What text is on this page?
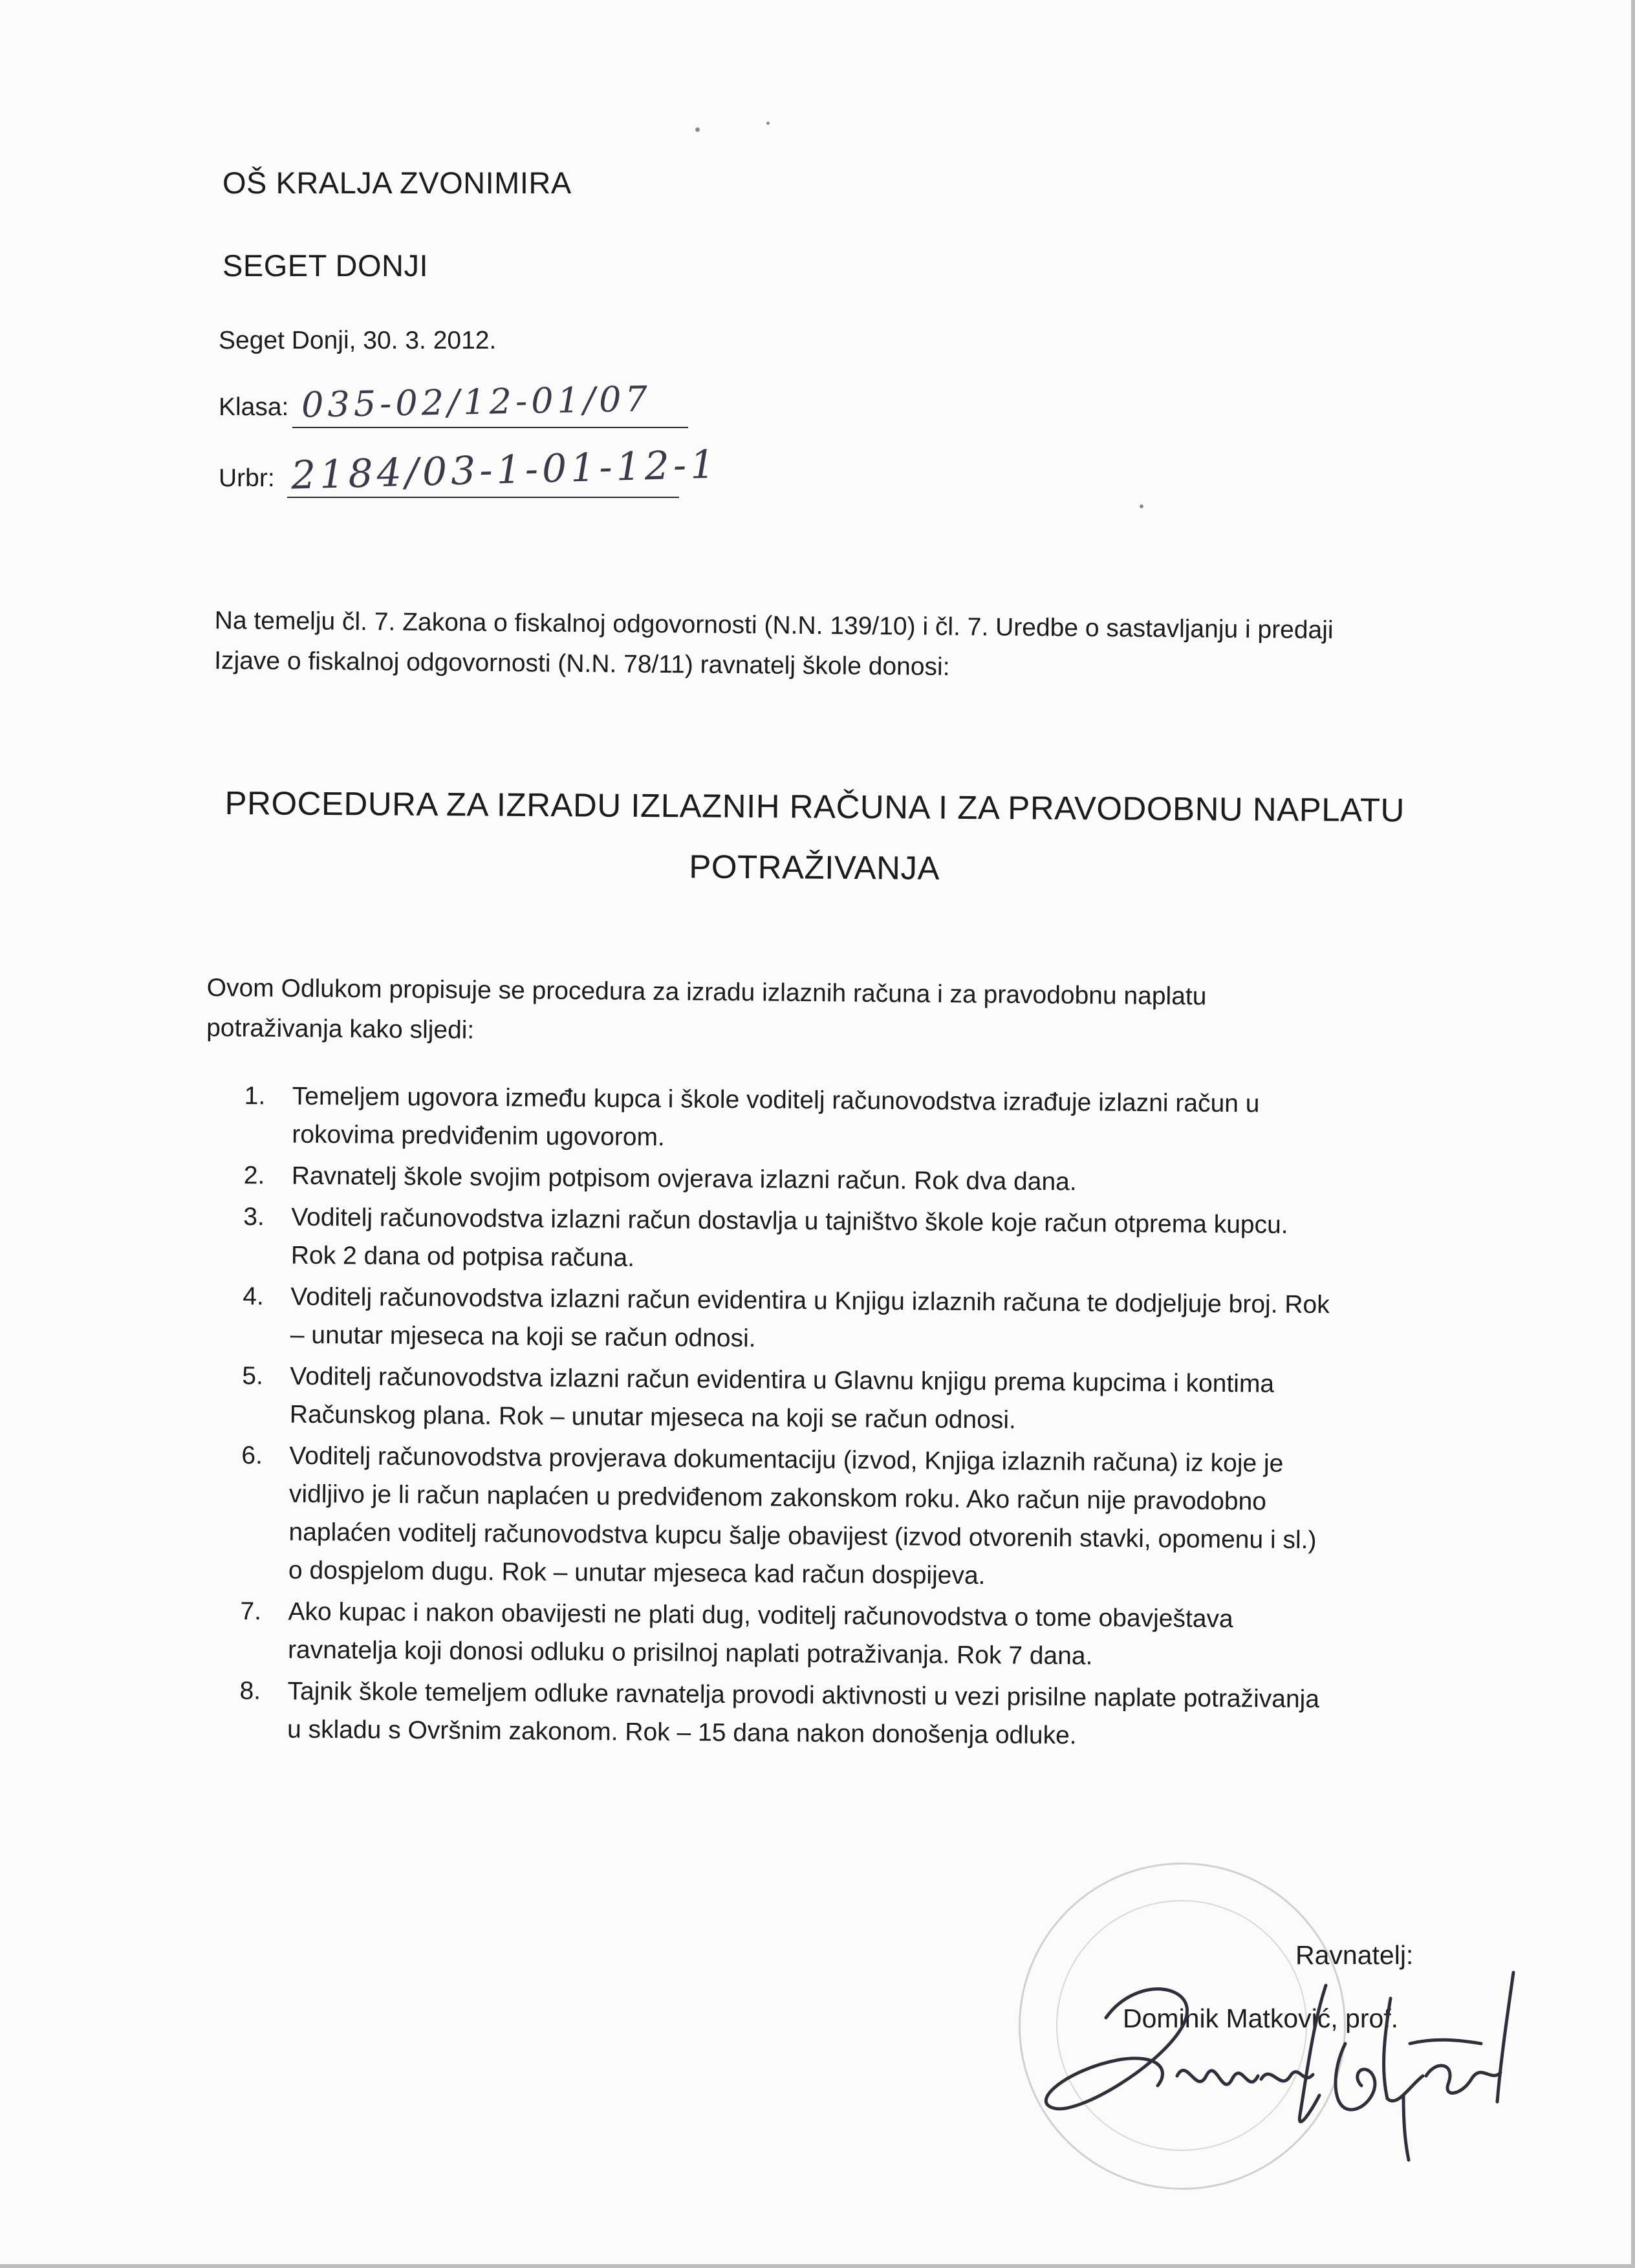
OŠ KRALJA ZVONIMIRA
SEGET DONJI
Seget Donji, 30. 3. 2012.
Klasa: 035-02/12-01/07
Urbr: 2184/03-1-01-12-1
Na temelju čl. 7. Zakona o fiskalnoj odgovornosti (N.N. 139/10) i čl. 7. Uredbe o sastavljanju i predaji
Izjave o fiskalnoj odgovornosti (N.N. 78/11) ravnatelj škole donosi:
PROCEDURA ZA IZRADU IZLAZNIH RAČUNA I ZA PRAVODOBNU NAPLATU
POTRAŽIVANJA
Ovom Odlukom propisuje se procedura za izradu izlaznih računa i za pravodobnu naplatu
potraživanja kako sljedi:
1. Temeljem ugovora između kupca i škole voditelj računovodstva izrađuje izlazni račun u
rokovima predviđenim ugovorom.
2. Ravnatelj škole svojim potpisom ovjerava izlazni račun. Rok dva dana.
3. Voditelj računovodstva izlazni račun dostavlja u tajništvo škole koje račun otprema kupcu.
Rok 2 dana od potpisa računa.
4. Voditelj računovodstva izlazni račun evidentira u Knjigu izlaznih računa te dodjeljuje broj. Rok
– unutar mjeseca na koji se račun odnosi.
5. Voditelj računovodstva izlazni račun evidentira u Glavnu knjigu prema kupcima i kontima
Računskog plana. Rok – unutar mjeseca na koji se račun odnosi.
6. Voditelj računovodstva provjerava dokumentaciju (izvod, Knjiga izlaznih računa) iz koje je
vidljivo je li račun naplaćen u predviđenom zakonskom roku. Ako račun nije pravodobno
naplaćen voditelj računovodstva kupcu šalje obavijest (izvod otvorenih stavki, opomenu i sl.)
o dospjelom dugu. Rok – unutar mjeseca kad račun dospijeva.
7. Ako kupac i nakon obavijesti ne plati dug, voditelj računovodstva o tome obavještava
ravnatelja koji donosi odluku o prisilnoj naplati potraživanja. Rok 7 dana.
8. Tajnik škole temeljem odluke ravnatelja provodi aktivnosti u vezi prisilne naplate potraživanja
u skladu s Ovršnim zakonom. Rok – 15 dana nakon donošenja odluke.
Ravnatelj:
Dominik Matković, prof.
